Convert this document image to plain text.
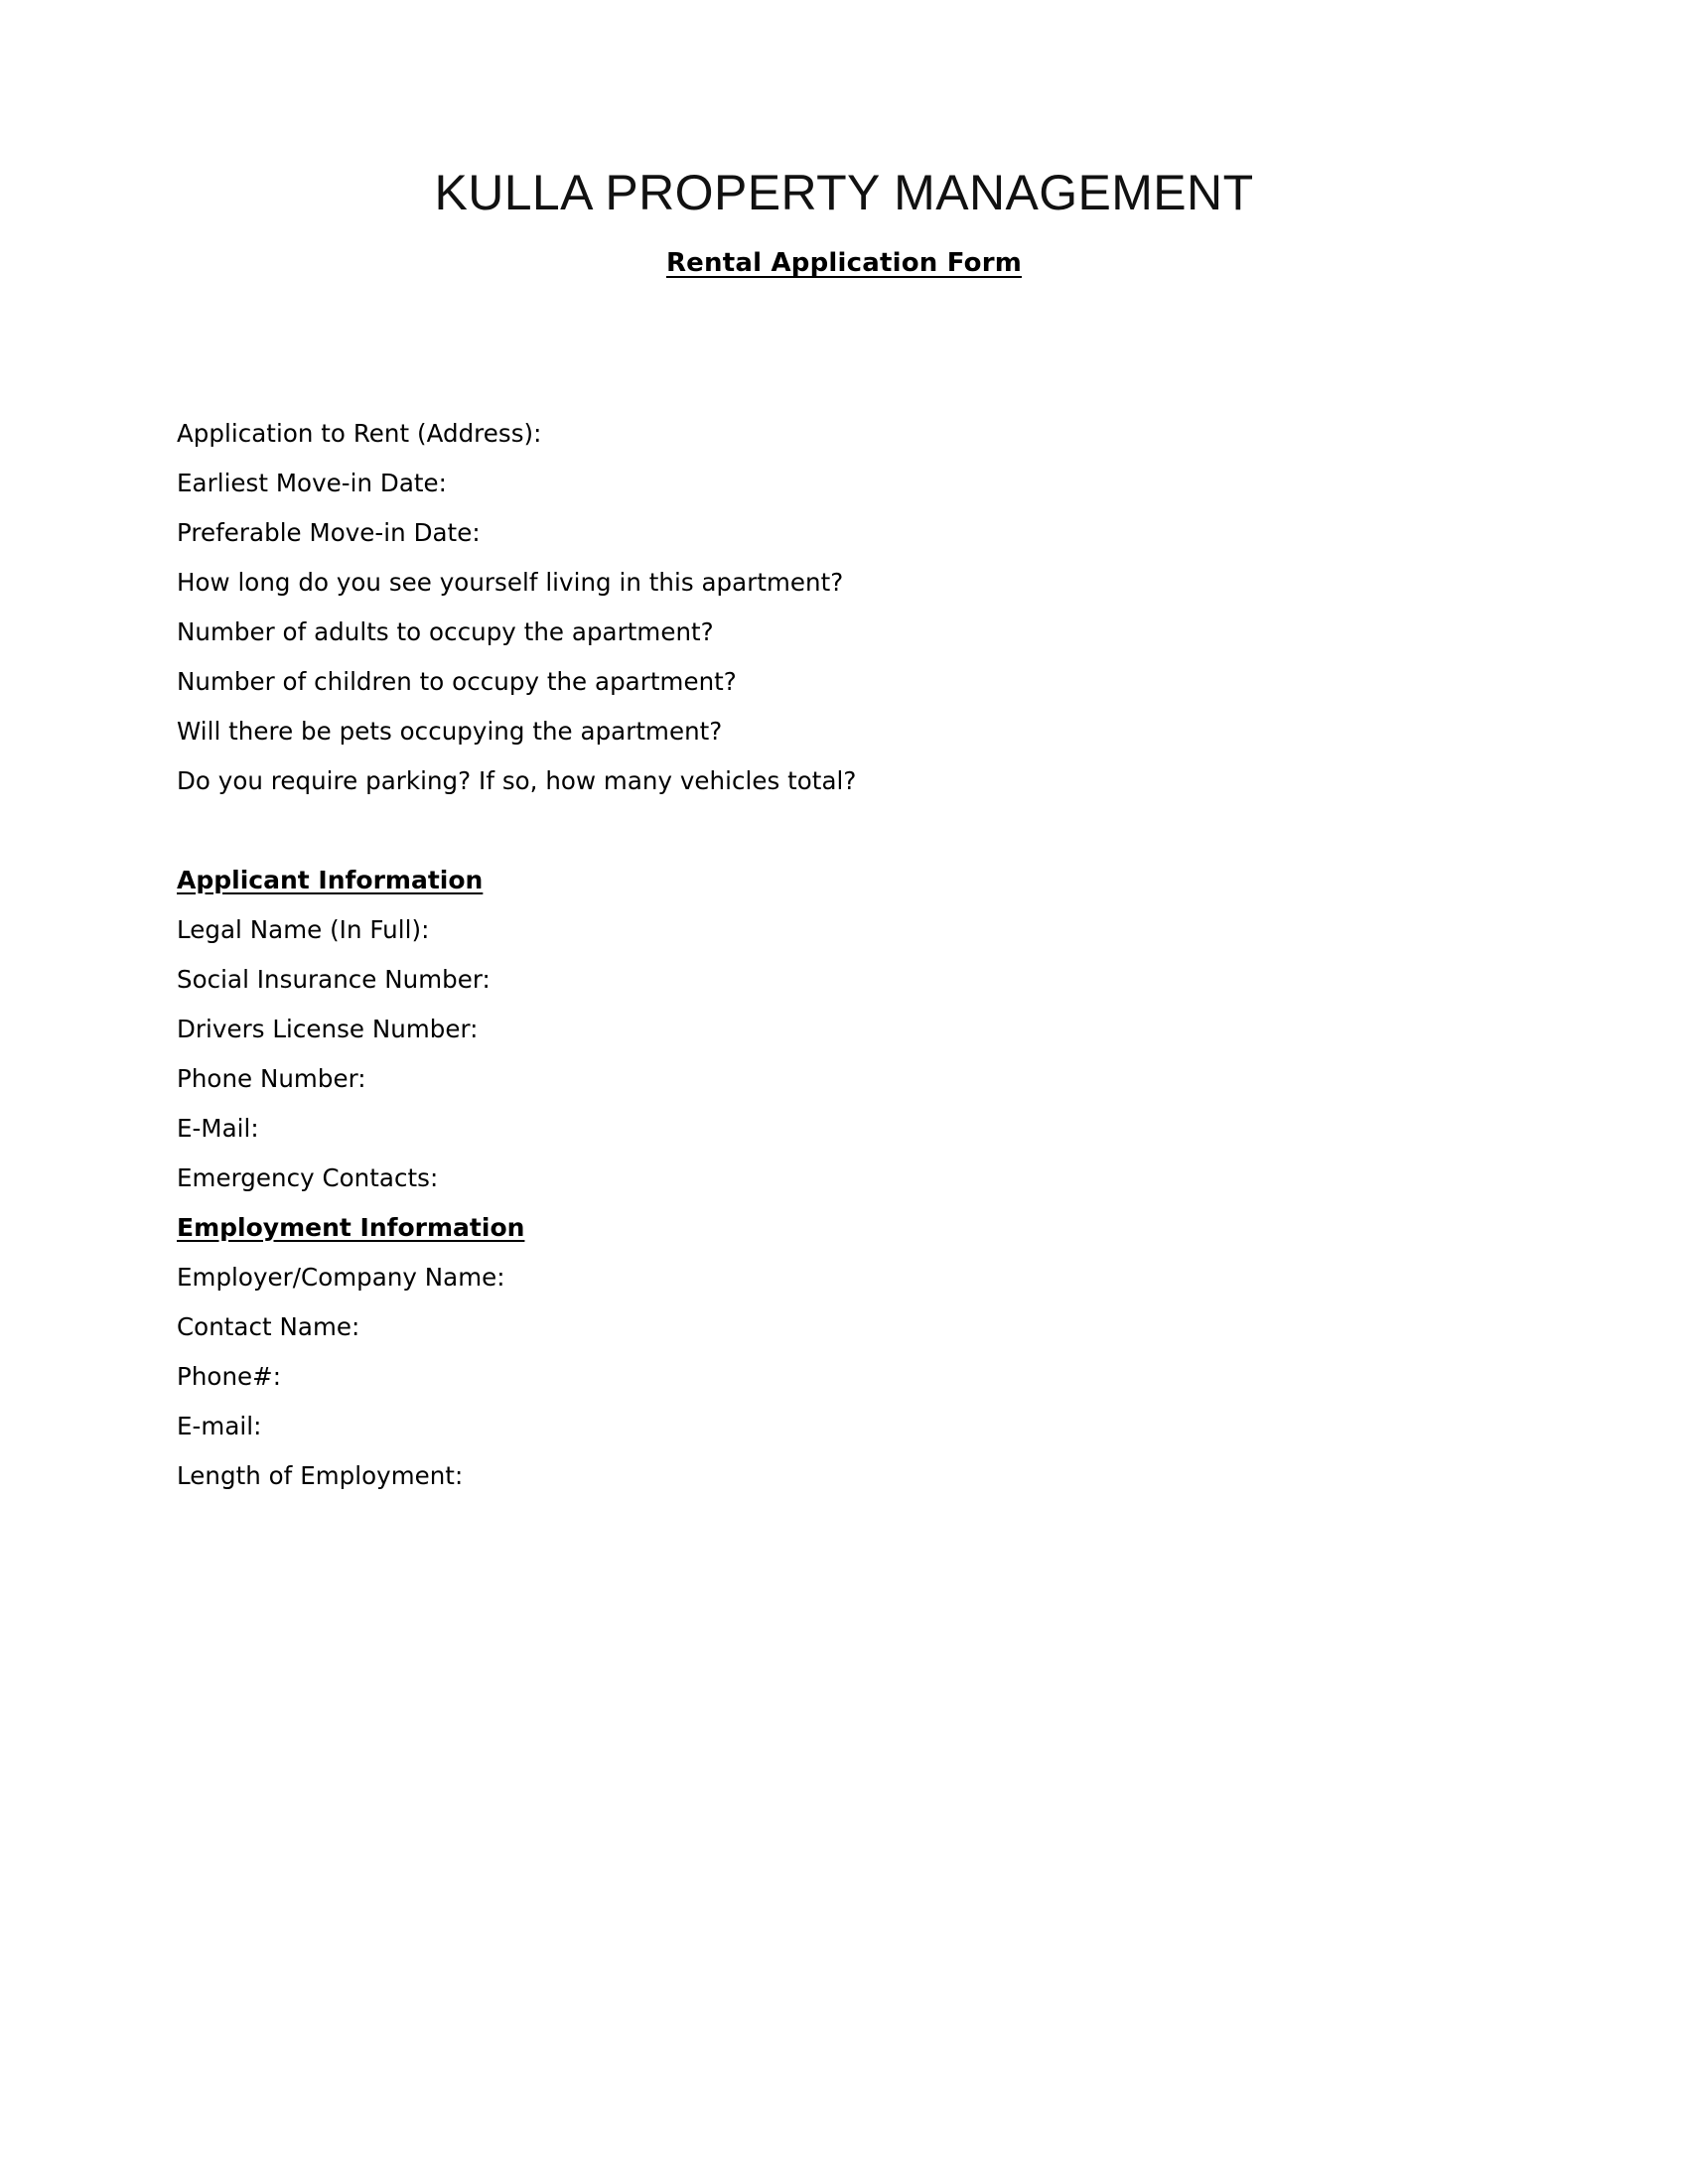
KULLA PROPERTY MANAGEMENT
Rental Application Form
Application to Rent (Address):
Earliest Move-in Date:
Preferable Move-in Date:
How long do you see yourself living in this apartment?
Number of adults to occupy the apartment?
Number of children to occupy the apartment?
Will there be pets occupying the apartment?
Do you require parking? If so, how many vehicles total?
Applicant Information
Legal Name (In Full):
Social Insurance Number:
Drivers License Number:
Phone Number:
E-Mail:
Emergency Contacts:
Employment Information
Employer/Company Name:
Contact Name:
Phone#:
E-mail:
Length of Employment:
